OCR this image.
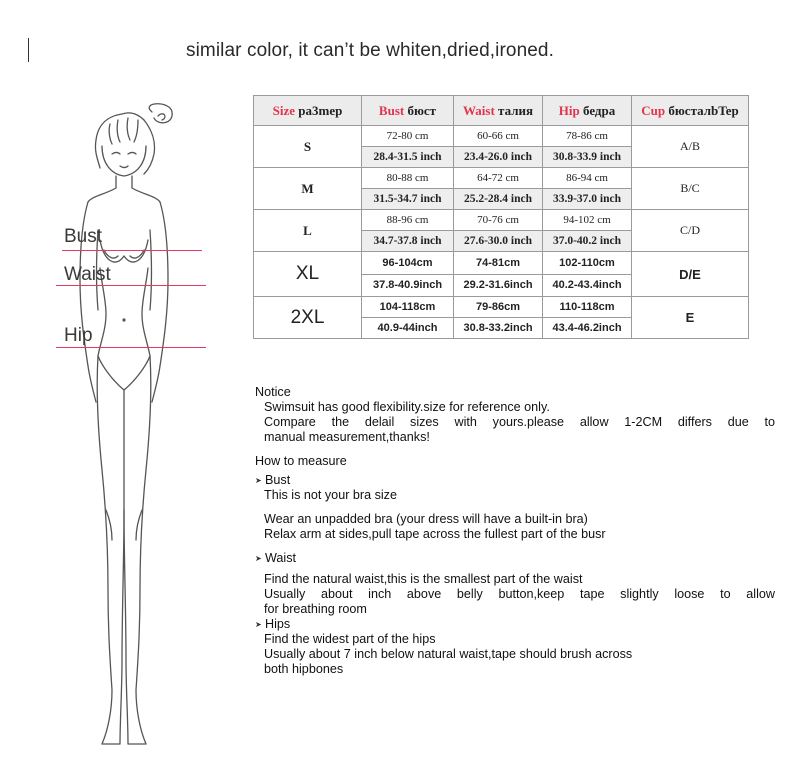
similar color, it can’t be whiten,dried,ironed.
Bust
Waist
Hip
Size pa3mep	Bust бюст	Waist талия	Hip бедра	Cup бюсталbTep
S	72-80 cm	60-66 cm	78-86 cm	A/B
	28.4-31.5 inch	23.4-26.0 inch	30.8-33.9 inch	
M	80-88 cm	64-72 cm	86-94 cm	B/C
	31.5-34.7 inch	25.2-28.4 inch	33.9-37.0 inch	
L	88-96 cm	70-76 cm	94-102 cm	C/D
	34.7-37.8 inch	27.6-30.0 inch	37.0-40.2 inch	
XL	96-104cm	74-81cm	102-110cm	D/E
	37.8-40.9inch	29.2-31.6inch	40.2-43.4inch	
2XL	104-118cm	79-86cm	110-118cm	E
	40.9-44inch	30.8-33.2inch	43.4-46.2inch	
Notice
Swimsuit has good flexibility.size for reference only.
Compare the delail sizes with yours.please allow 1-2CM differs due to
manual measurement,thanks!
How to measure
➤ Bust
This is not your bra size
Wear an unpadded bra (your dress will have a built-in bra)
Relax arm at sides,pull tape across the fullest part of the busr
➤ Waist
Find the natural waist,this is the smallest part of the waist
Usually about inch above belly button,keep tape slightly loose to allow
for breathing room
➤ Hips
Find the widest part of the hips
Usually about 7 inch below natural waist,tape should brush across
both hipbones
